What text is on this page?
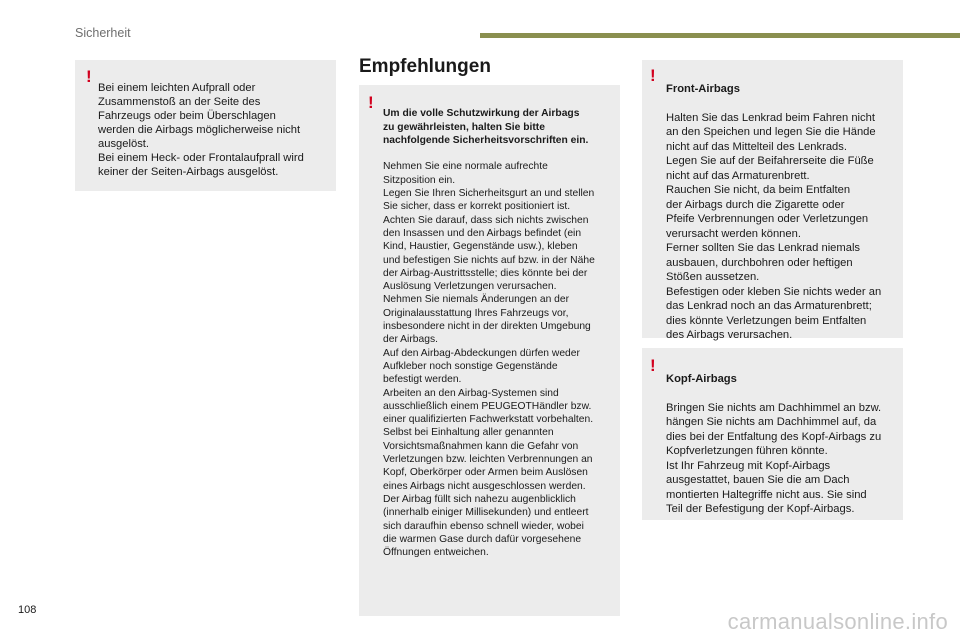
Sicherheit
!

Bei einem leichten Aufprall oder
Zusammenstoß an der Seite des
Fahrzeugs oder beim Überschlagen
werden die Airbags möglicherweise nicht
ausgelöst.
Bei einem Heck- oder Frontalaufprall wird
keiner der Seiten-Airbags ausgelöst.

Empfehlungen
!

Um die volle Schutzwirkung der Airbags
zu gewährleisten, halten Sie bitte
nachfolgende Sicherheitsvorschriften ein.

Nehmen Sie eine normale aufrechte
Sitzposition ein.
Legen Sie Ihren Sicherheitsgurt an und stellen
Sie sicher, dass er korrekt positioniert ist.
Achten Sie darauf, dass sich nichts zwischen
den Insassen und den Airbags befindet (ein
Kind, Haustier, Gegenstände usw.), kleben
und befestigen Sie nichts auf bzw. in der Nähe
der Airbag-Austrittsstelle; dies könnte bei der
Auslösung Verletzungen verursachen.
Nehmen Sie niemals Änderungen an der
Originalausstattung Ihres Fahrzeugs vor,
insbesondere nicht in der direkten Umgebung
der Airbags.
Auf den Airbag-Abdeckungen dürfen weder
Aufkleber noch sonstige Gegenstände
befestigt werden.
Arbeiten an den Airbag-Systemen sind
ausschließlich einem PEUGEOTHändler bzw.
einer qualifizierten Fachwerkstatt vorbehalten.
Selbst bei Einhaltung aller genannten
Vorsichtsmaßnahmen kann die Gefahr von
Verletzungen bzw. leichten Verbrennungen an
Kopf, Oberkörper oder Armen beim Auslösen
eines Airbags nicht ausgeschlossen werden.
Der Airbag füllt sich nahezu augenblicklich
(innerhalb einiger Millisekunden) und entleert
sich daraufhin ebenso schnell wieder, wobei
die warmen Gase durch dafür vorgesehene
Öffnungen entweichen.

!

Front-Airbags

Halten Sie das Lenkrad beim Fahren nicht
an den Speichen und legen Sie die Hände
nicht auf das Mittelteil des Lenkrads.
Legen Sie auf der Beifahrerseite die Füße
nicht auf das Armaturenbrett.
Rauchen Sie nicht, da beim Entfalten
der Airbags durch die Zigarette oder
Pfeife Verbrennungen oder Verletzungen
verursacht werden können.
Ferner sollten Sie das Lenkrad niemals
ausbauen, durchbohren oder heftigen
Stößen aussetzen.
Befestigen oder kleben Sie nichts weder an
das Lenkrad noch an das Armaturenbrett;
dies könnte Verletzungen beim Entfalten
des Airbags verursachen.

!

Kopf-Airbags

Bringen Sie nichts am Dachhimmel an bzw.
hängen Sie nichts am Dachhimmel auf, da
dies bei der Entfaltung des Kopf-Airbags zu
Kopfverletzungen führen könnte.
Ist Ihr Fahrzeug mit Kopf-Airbags
ausgestattet, bauen Sie die am Dach
montierten Haltegriffe nicht aus. Sie sind
Teil der Befestigung der Kopf-Airbags.

108	carmanualsonline.info
